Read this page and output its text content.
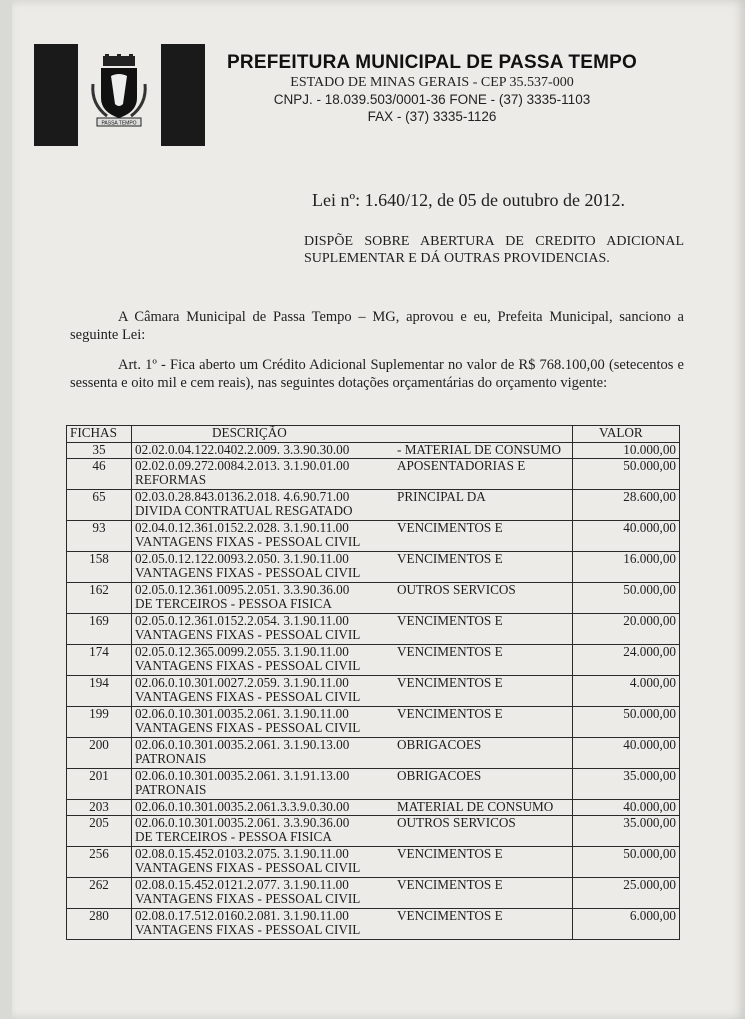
PASSA TEMPO
PREFEITURA MUNICIPAL DE PASSA TEMPO
ESTADO DE MINAS GERAIS - CEP 35.537-000
CNPJ. - 18.039.503/0001-36 FONE - (37) 3335-1103
FAX - (37) 3335-1126
Lei nº: 1.640/12, de 05 de outubro de 2012.
DISPÕE SOBRE ABERTURA DE CREDITO ADICIONAL SUPLEMENTAR E DÁ OUTRAS PROVIDENCIAS.
A Câmara Municipal de Passa Tempo – MG, aprovou e eu, Prefeita Municipal, sanciono a seguinte Lei:
Art. 1º - Fica aberto um Crédito Adicional Suplementar no valor de R$ 768.100,00 (setecentos e sessenta e oito mil e cem reais), nas seguintes dotações orçamentárias do orçamento vigente:
FICHAS	DESCRIÇÃO	VALOR
35	02.02.0.04.122.0402.2.009. 3.3.90.30.00 - MATERIAL DE CONSUMO	10.000,00
46	02.02.0.09.272.0084.2.013. 3.1.90.01.00 APOSENTADORIAS E
REFORMAS	50.000,00
65	02.03.0.28.843.0136.2.018. 4.6.90.71.00 PRINCIPAL DA
DIVIDA CONTRATUAL RESGATADO	28.600,00
93	02.04.0.12.361.0152.2.028. 3.1.90.11.00 VENCIMENTOS E
VANTAGENS FIXAS - PESSOAL CIVIL	40.000,00
158	02.05.0.12.122.0093.2.050. 3.1.90.11.00 VENCIMENTOS E
VANTAGENS FIXAS - PESSOAL CIVIL	16.000,00
162	02.05.0.12.361.0095.2.051. 3.3.90.36.00 OUTROS SERVICOS
DE TERCEIROS - PESSOA FISICA	50.000,00
169	02.05.0.12.361.0152.2.054. 3.1.90.11.00 VENCIMENTOS E
VANTAGENS FIXAS - PESSOAL CIVIL	20.000,00
174	02.05.0.12.365.0099.2.055. 3.1.90.11.00 VENCIMENTOS E
VANTAGENS FIXAS - PESSOAL CIVIL	24.000,00
194	02.06.0.10.301.0027.2.059. 3.1.90.11.00 VENCIMENTOS E
VANTAGENS FIXAS - PESSOAL CIVIL	4.000,00
199	02.06.0.10.301.0035.2.061. 3.1.90.11.00 VENCIMENTOS E
VANTAGENS FIXAS - PESSOAL CIVIL	50.000,00
200	02.06.0.10.301.0035.2.061. 3.1.90.13.00 OBRIGACOES
PATRONAIS	40.000,00
201	02.06.0.10.301.0035.2.061. 3.1.91.13.00 OBRIGACOES
PATRONAIS	35.000,00
203	02.06.0.10.301.0035.2.061.3.3.9.0.30.00 MATERIAL DE CONSUMO	40.000,00
205	02.06.0.10.301.0035.2.061. 3.3.90.36.00 OUTROS SERVICOS
DE TERCEIROS - PESSOA FISICA	35.000,00
256	02.08.0.15.452.0103.2.075. 3.1.90.11.00 VENCIMENTOS E
VANTAGENS FIXAS - PESSOAL CIVIL	50.000,00
262	02.08.0.15.452.0121.2.077. 3.1.90.11.00 VENCIMENTOS E
VANTAGENS FIXAS - PESSOAL CIVIL	25.000,00
280	02.08.0.17.512.0160.2.081. 3.1.90.11.00 VENCIMENTOS E
VANTAGENS FIXAS - PESSOAL CIVIL	6.000,00
